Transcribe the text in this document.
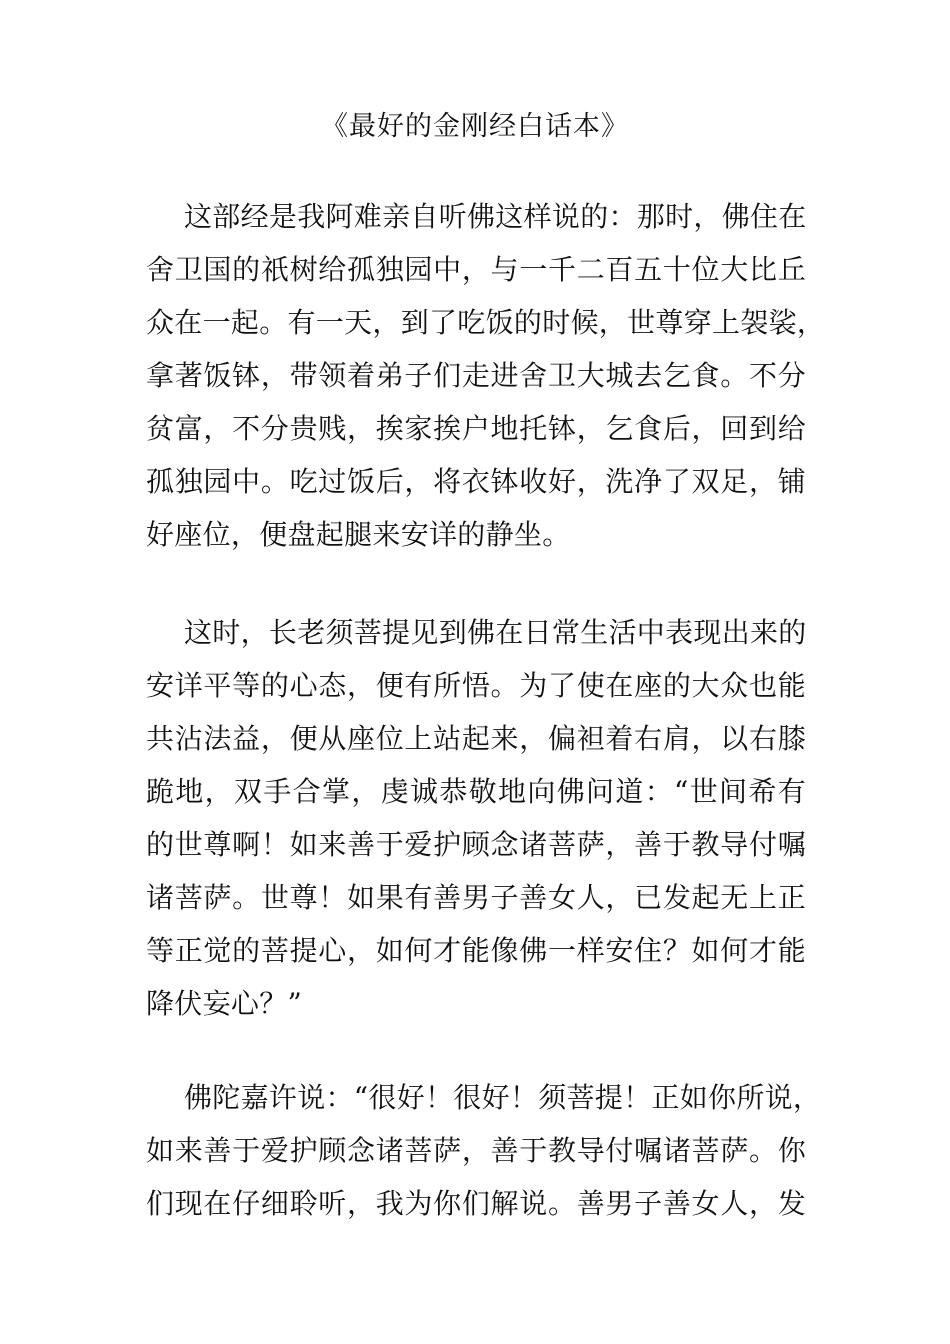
《最好的金刚经白话本》
这部经是我阿难亲自听佛这样说的：那时，佛住在
舍卫国的祇树给孤独园中，与一千二百五十位大比丘
众在一起。有一天，到了吃饭的时候，世尊穿上袈裟，
拿著饭钵，带领着弟子们走进舍卫大城去乞食。不分
贫富，不分贵贱，挨家挨户地托钵，乞食后，回到给
孤独园中。吃过饭后，将衣钵收好，洗净了双足，铺
好座位，便盘起腿来安详的静坐。
这时，长老须菩提见到佛在日常生活中表现出来的
安详平等的心态，便有所悟。为了使在座的大众也能
共沾法益，便从座位上站起来，偏袒着右肩，以右膝
跪地，双手合掌，虔诚恭敬地向佛问道：“世间希有
的世尊啊！如来善于爱护顾念诸菩萨，善于教导付嘱
诸菩萨。世尊！如果有善男子善女人，已发起无上正
等正觉的菩提心，如何才能像佛一样安住？如何才能
降伏妄心？”
佛陀嘉许说：“很好！很好！须菩提！正如你所说，
如来善于爱护顾念诸菩萨，善于教导付嘱诸菩萨。你
们现在仔细聆听，我为你们解说。善男子善女人，发
